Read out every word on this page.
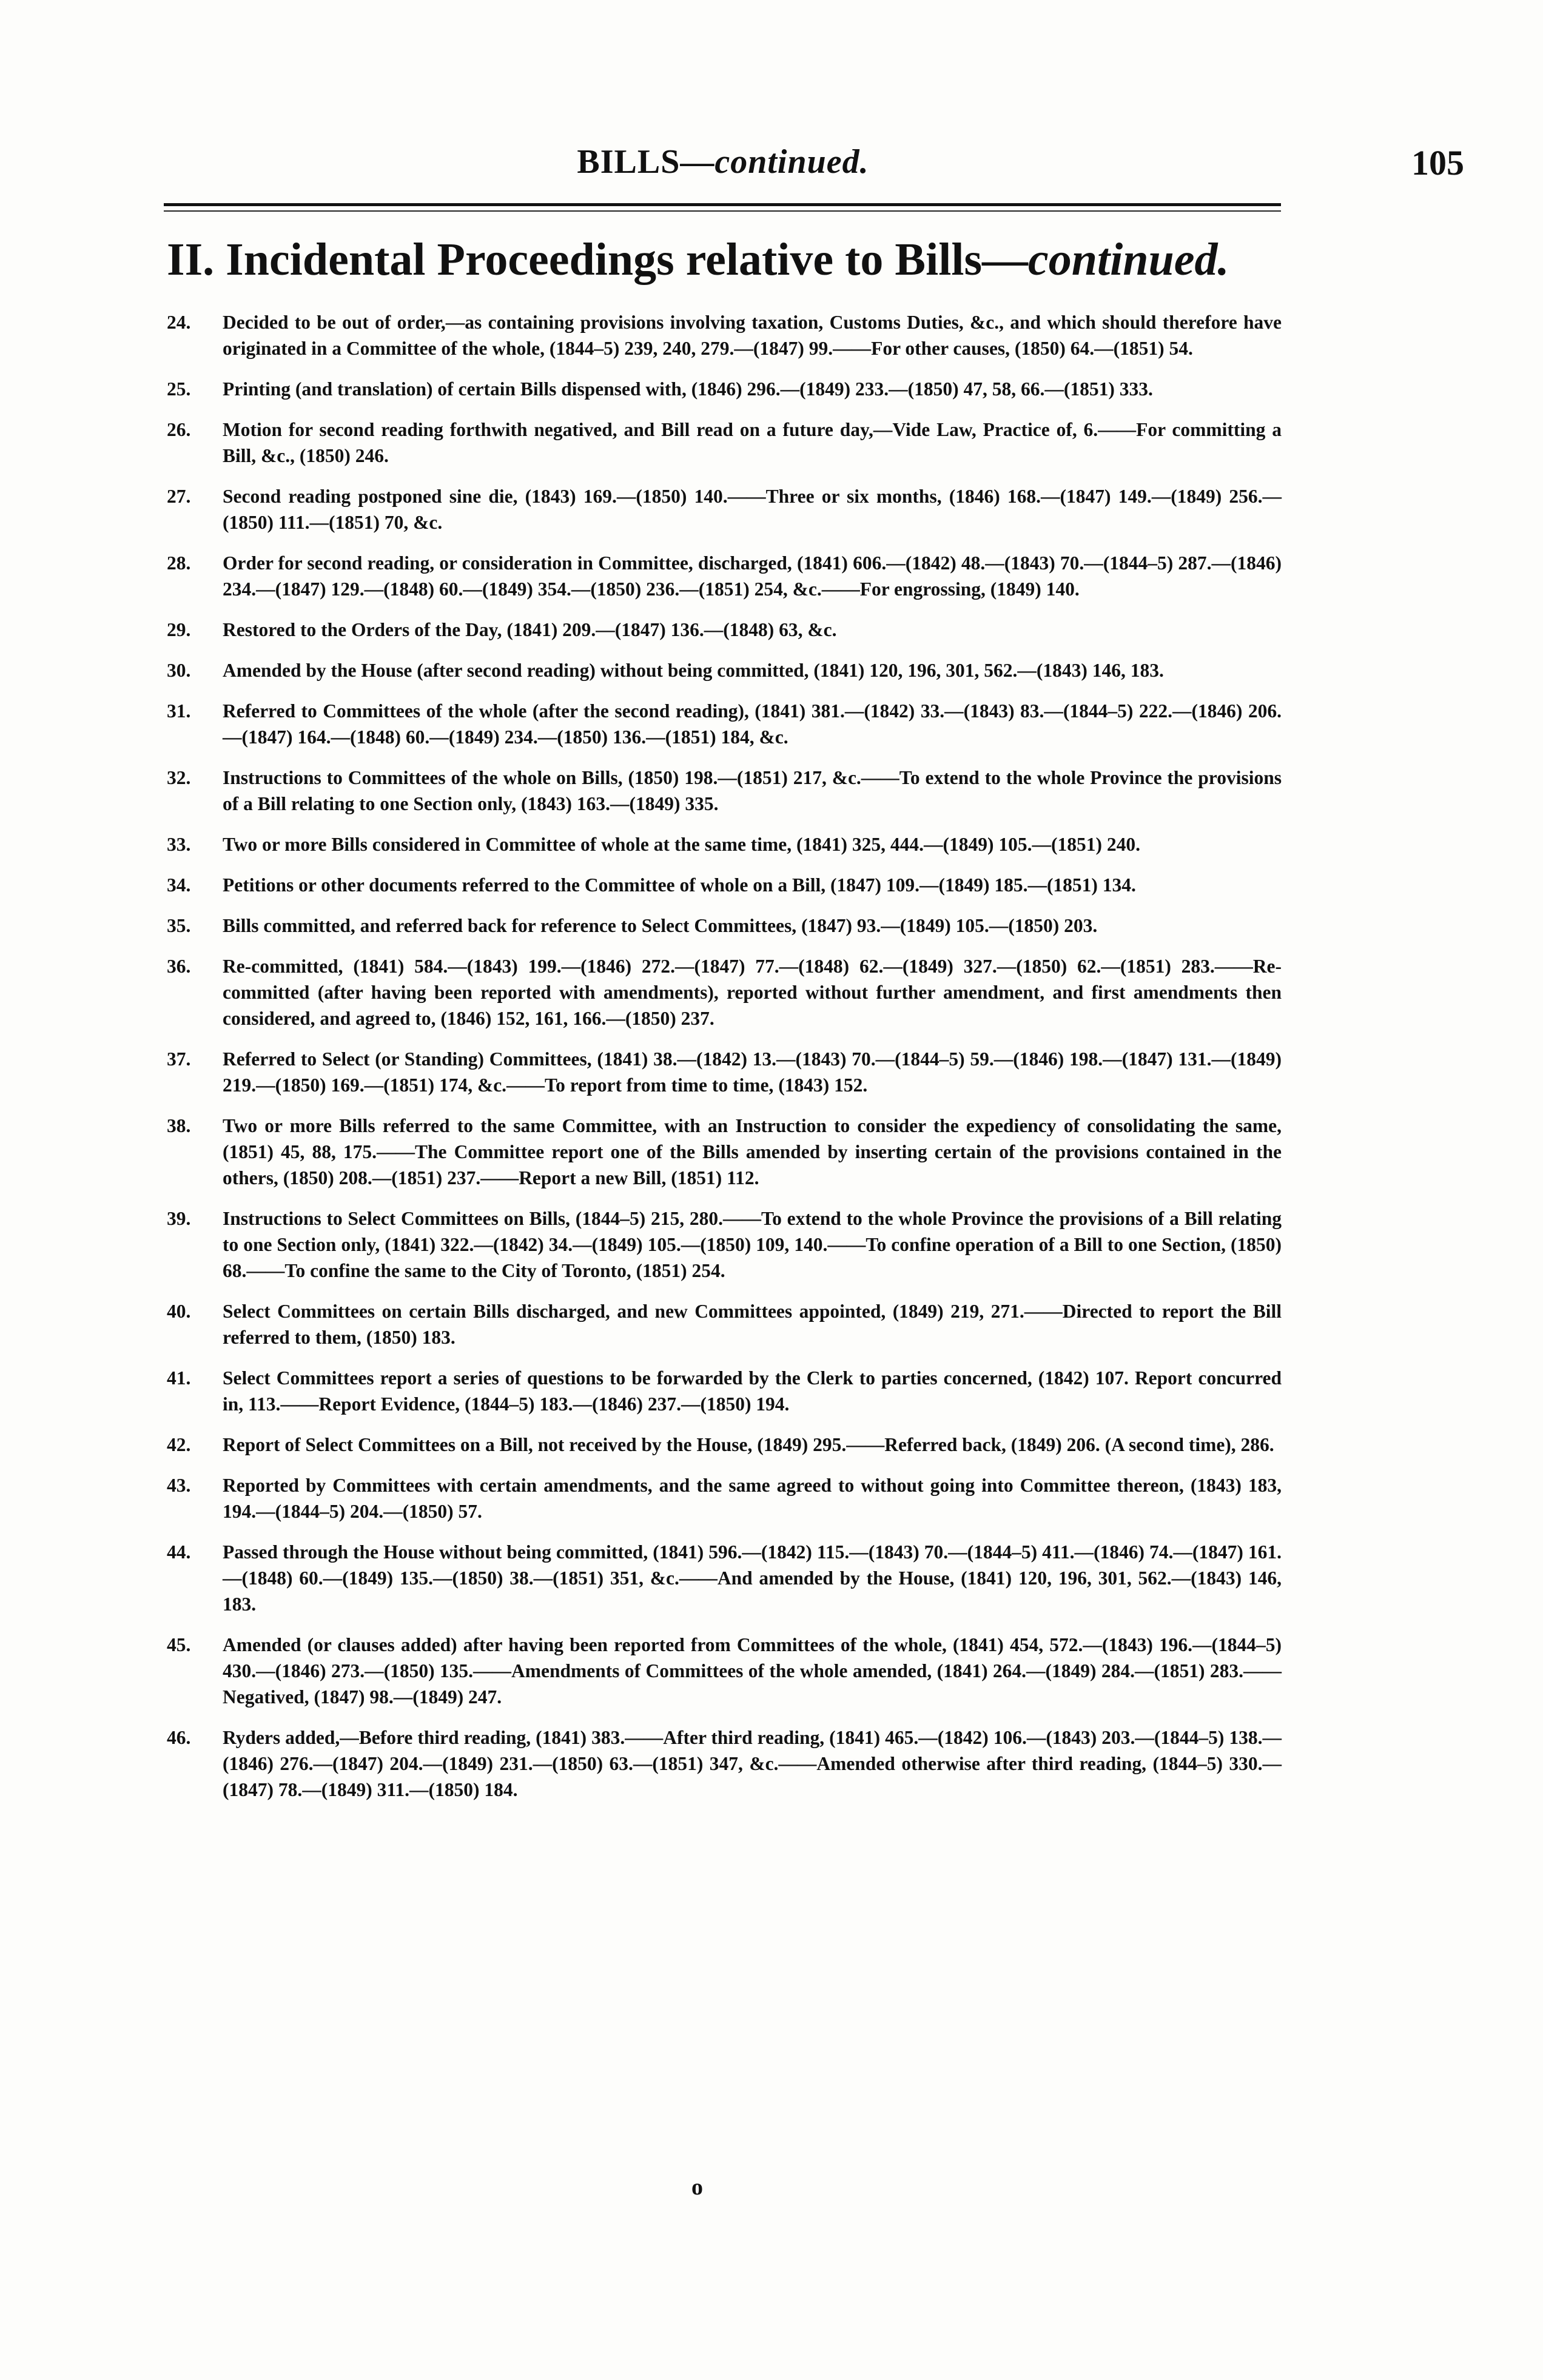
BILLS—continued.	105
II. Incidental Proceedings relative to Bills—continued.
24.	Decided to be out of order,—as containing provisions involving taxation, Customs Duties, &c., and which should therefore have originated in a Committee of the whole, (1844–5) 239, 240, 279.—(1847) 99.——For other causes, (1850) 64.—(1851) 54.
25.	Printing (and translation) of certain Bills dispensed with, (1846) 296.—(1849) 233.—(1850) 47, 58, 66.—(1851) 333.
26.	Motion for second reading forthwith negatived, and Bill read on a future day,—Vide Law, Practice of, 6.——For committing a Bill, &c., (1850) 246.
27.	Second reading postponed sine die, (1843) 169.—(1850) 140.——Three or six months, (1846) 168.—(1847) 149.—(1849) 256.—(1850) 111.—(1851) 70, &c.
28.	Order for second reading, or consideration in Committee, discharged, (1841) 606.—(1842) 48.—(1843) 70.—(1844–5) 287.—(1846) 234.—(1847) 129.—(1848) 60.—(1849) 354.—(1850) 236.—(1851) 254, &c.——For engrossing, (1849) 140.
29.	Restored to the Orders of the Day, (1841) 209.—(1847) 136.—(1848) 63, &c.
30.	Amended by the House (after second reading) without being committed, (1841) 120, 196, 301, 562.—(1843) 146, 183.
31.	Referred to Committees of the whole (after the second reading), (1841) 381.—(1842) 33.—(1843) 83.—(1844–5) 222.—(1846) 206.—(1847) 164.—(1848) 60.—(1849) 234.—(1850) 136.—(1851) 184, &c.
32.	Instructions to Committees of the whole on Bills, (1850) 198.—(1851) 217, &c.——To extend to the whole Province the provisions of a Bill relating to one Section only, (1843) 163.—(1849) 335.
33.	Two or more Bills considered in Committee of whole at the same time, (1841) 325, 444.—(1849) 105.—(1851) 240.
34.	Petitions or other documents referred to the Committee of whole on a Bill, (1847) 109.—(1849) 185.—(1851) 134.
35.	Bills committed, and referred back for reference to Select Committees, (1847) 93.—(1849) 105.—(1850) 203.
36.	Re-committed, (1841) 584.—(1843) 199.—(1846) 272.—(1847) 77.—(1848) 62.—(1849) 327.—(1850) 62.—(1851) 283.——Re-committed (after having been reported with amendments), reported without further amendment, and first amendments then considered, and agreed to, (1846) 152, 161, 166.—(1850) 237.
37.	Referred to Select (or Standing) Committees, (1841) 38.—(1842) 13.—(1843) 70.—(1844–5) 59.—(1846) 198.—(1847) 131.—(1849) 219.—(1850) 169.—(1851) 174, &c.——To report from time to time, (1843) 152.
38.	Two or more Bills referred to the same Committee, with an Instruction to consider the expediency of consolidating the same, (1851) 45, 88, 175.——The Committee report one of the Bills amended by inserting certain of the provisions contained in the others, (1850) 208.—(1851) 237.——Report a new Bill, (1851) 112.
39.	Instructions to Select Committees on Bills, (1844–5) 215, 280.——To extend to the whole Province the provisions of a Bill relating to one Section only, (1841) 322.—(1842) 34.—(1849) 105.—(1850) 109, 140.——To confine operation of a Bill to one Section, (1850) 68.——To confine the same to the City of Toronto, (1851) 254.
40.	Select Committees on certain Bills discharged, and new Committees appointed, (1849) 219, 271.——Directed to report the Bill referred to them, (1850) 183.
41.	Select Committees report a series of questions to be forwarded by the Clerk to parties concerned, (1842) 107. Report concurred in, 113.——Report Evidence, (1844–5) 183.—(1846) 237.—(1850) 194.
42.	Report of Select Committees on a Bill, not received by the House, (1849) 295.——Referred back, (1849) 206. (A second time), 286.
43.	Reported by Committees with certain amendments, and the same agreed to without going into Committee thereon, (1843) 183, 194.—(1844–5) 204.—(1850) 57.
44.	Passed through the House without being committed, (1841) 596.—(1842) 115.—(1843) 70.—(1844–5) 411.—(1846) 74.—(1847) 161.—(1848) 60.—(1849) 135.—(1850) 38.—(1851) 351, &c.——And amended by the House, (1841) 120, 196, 301, 562.—(1843) 146, 183.
45.	Amended (or clauses added) after having been reported from Committees of the whole, (1841) 454, 572.—(1843) 196.—(1844–5) 430.—(1846) 273.—(1850) 135.——Amendments of Committees of the whole amended, (1841) 264.—(1849) 284.—(1851) 283.——Negatived, (1847) 98.—(1849) 247.
46.	Ryders added,—Before third reading, (1841) 383.——After third reading, (1841) 465.—(1842) 106.—(1843) 203.—(1844–5) 138.—(1846) 276.—(1847) 204.—(1849) 231.—(1850) 63.—(1851) 347, &c.——Amended otherwise after third reading, (1844–5) 330.—(1847) 78.—(1849) 311.—(1850) 184.
o
